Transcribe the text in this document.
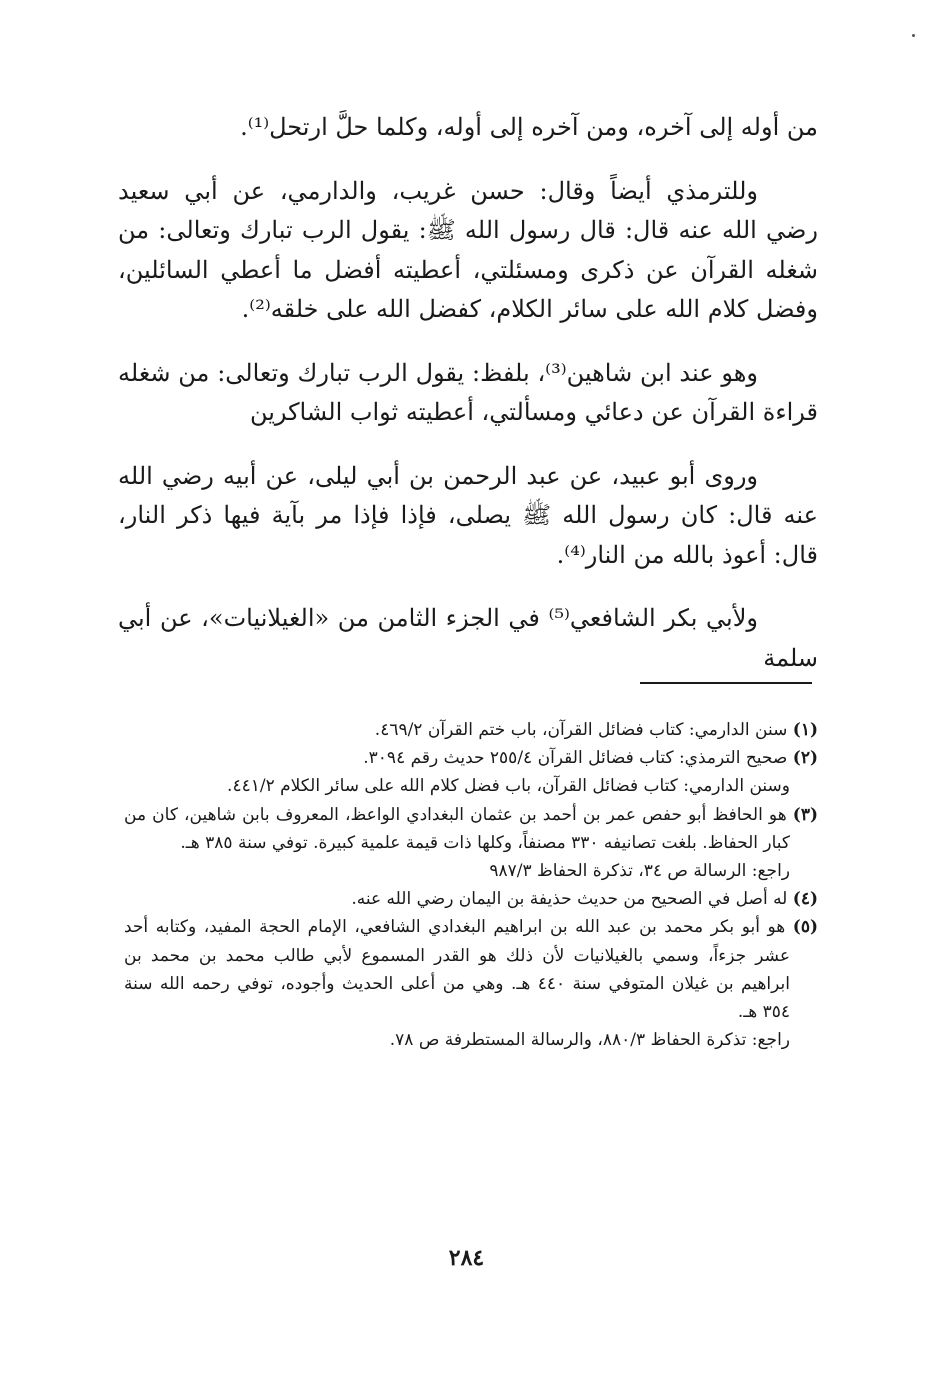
من أوله إلى آخره، ومن آخره إلى أوله، وكلما حلَّ ارتحل⁽¹⁾.

وللترمذي أيضاً وقال: حسن غريب، والدارمي، عن أبي سعيد رضي الله عنه قال: قال رسول الله ﷺ: يقول الرب تبارك وتعالى: من شغله القرآن عن ذكرى ومسئلتي، أعطيته أفضل ما أعطي السائلين، وفضل كلام الله على سائر الكلام، كفضل الله على خلقه⁽²⁾.

وهو عند ابن شاهين⁽³⁾، بلفظ: يقول الرب تبارك وتعالى: من شغله قراءة القرآن عن دعائي ومسألتي، أعطيته ثواب الشاكرين

وروى أبو عبيد، عن عبد الرحمن بن أبي ليلى، عن أبيه رضي الله عنه قال: كان رسول الله ﷺ يصلى، فإذا فإذا مر بآية فيها ذكر النار، قال: أعوذ بالله من النار⁽⁴⁾.

ولأبي بكر الشافعي⁽⁵⁾ في الجزء الثامن من «الغيلانيات»، عن أبي سلمة

(١) سنن الدارمي: كتاب فضائل القرآن، باب ختم القرآن ٤٦٩/٢.

(٢) صحيح الترمذي: كتاب فضائل القرآن ٢٥٥/٤ حديث رقم ٣٠٩٤.

وسنن الدارمي: كتاب فضائل القرآن، باب فضل كلام الله على سائر الكلام ٤٤١/٢.

(٣) هو الحافظ أبو حفص عمر بن أحمد بن عثمان البغدادي الواعظ، المعروف بابن شاهين، كان من كبار الحفاظ. بلغت تصانيفه ٣٣٠ مصنفاً، وكلها ذات قيمة علمية كبيرة. توفي سنة ٣٨٥ هـ.

راجع: الرسالة ص ٣٤، تذكرة الحفاظ ٩٨٧/٣

(٤) له أصل في الصحيح من حديث حذيفة بن اليمان رضي الله عنه.

(٥) هو أبو بكر محمد بن عبد الله بن ابراهيم البغدادي الشافعي، الإمام الحجة المفيد، وكتابه أحد عشر جزءاً، وسمي بالغيلانيات لأن ذلك هو القدر المسموع لأبي طالب محمد بن محمد بن ابراهيم بن غيلان المتوفي سنة ٤٤٠ هـ. وهي من أعلى الحديث وأجوده، توفي رحمه الله سنة ٣٥٤ هـ.

راجع: تذكرة الحفاظ ٨٨٠/٣، والرسالة المستطرفة ص ٧٨.

٢٨٤
